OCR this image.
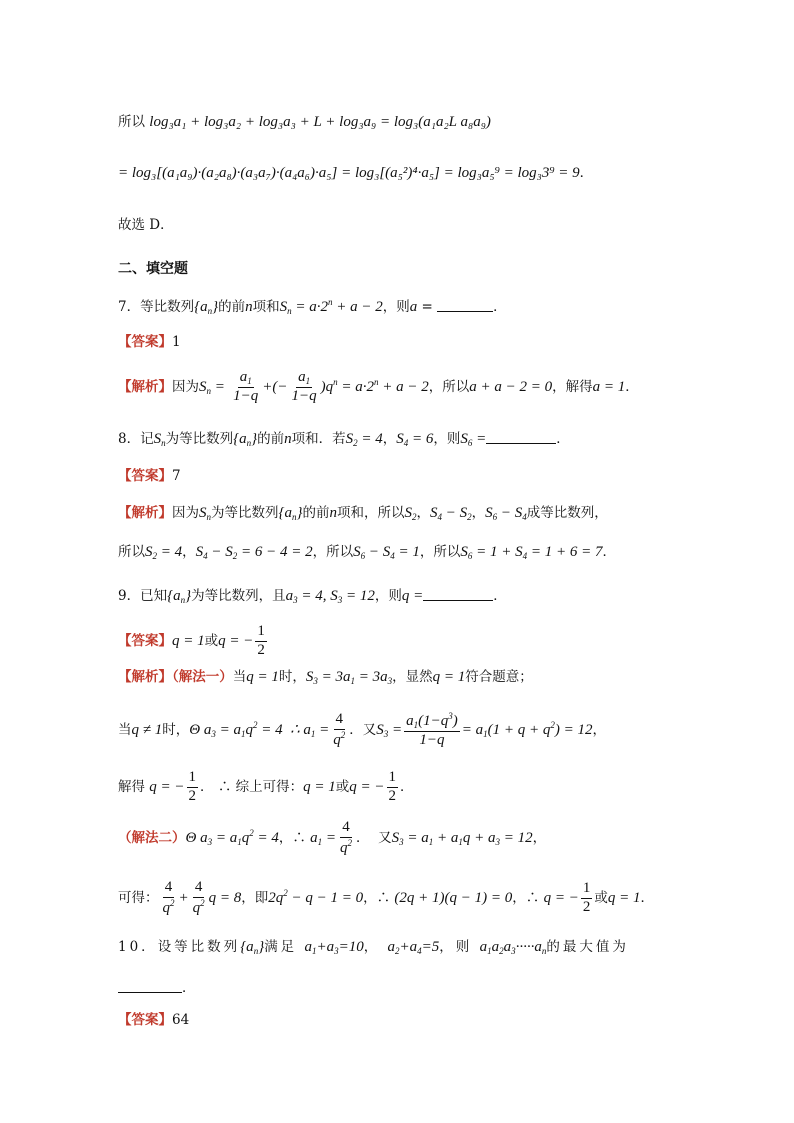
所以 log₃a₁ + log₃a₂ + log₃a₃ + L + log₃a₉ = log₃(a₁a₂L a₈a₉)
= log₃[(a₁a₉)·(a₂a₈)·(a₃a₇)·(a₄a₆)·a₅] = log₃[(a₅²)⁴·a₅] = log₃a₅⁹ = log₃3⁹ = 9．
故选 D．
二、填空题
7．等比数列$\{a_n\}$的前n项和$S_n = a\cdot 2^n + a - 2$，则a =	．
【答案】1
【解析】因为$S_n = \frac{a_1}{1-q}$ +(− $\frac{a_1}{1-q} )q^n = a\cdot 2^n + a - 2$，所以a + a − 2 = 0，解得a = 1．
8．记$S_n$为等比数列$\{a_n\}$的前n项和．若$S_2 = 4$，$S_4 = 6$，则$S_6$ =	．
【答案】7
【解析】因为$S_n$为等比数列$\{a_n\}$的前n项和，所以$S_2$，$S_4 - S_2$，$S_6 - S_4$成等比数列，
所以$S_2 = 4$，$S_4 - S_2 = 6 - 4 = 2$，所以$S_6 - S_4 = 1$，所以$S_6 = 1 + S_4 = 1 + 6 = 7$．
9．已知$\{a_n\}$为等比数列，且$a_3 = 4$, $S_3 = 12$，则q =	．
【答案】q = 1或q = − $\frac{1}{2}$
【解析】（解法一）当q = 1时，$S_3 = 3a_1 = 3a_3$，显然q = 1符合题意；
当q ≠ 1时，Θ $a_3 = a_1q^2 = 4$  ∴ $a_1 = \frac{4}{q^2}$ ．又$S_3 = \frac{a_1(1-q^3)}{1-q} = a_1(1 + q + q^2) = 12$，
解得 q = − $\frac{1}{2}$ ． ∴ 综上可得：q = 1或q = − $\frac{1}{2}$ ．
（解法二）Θ $a_3 = a_1q^2 = 4$，∴ $a_1 = \frac{4}{q^2}$ ．  又$S_3 = a_1 + a_1q + a_3 = 12$，
可得： $\frac{4}{q^2} + \frac{4}{q^2}$ q = 8，即$2q^2 - q - 1 = 0$，∴ (2q + 1)(q − 1) = 0，∴ q = − $\frac{1}{2}$ 或q = 1．
10．设等比数列$\{a_n\}$满足 $a_1+a_3=10$， $a_2+a_4=5$，则 $a_1a_2a_3\cdot\cdot\cdot\cdot\cdot a_n$的最大值为
．
【答案】64
